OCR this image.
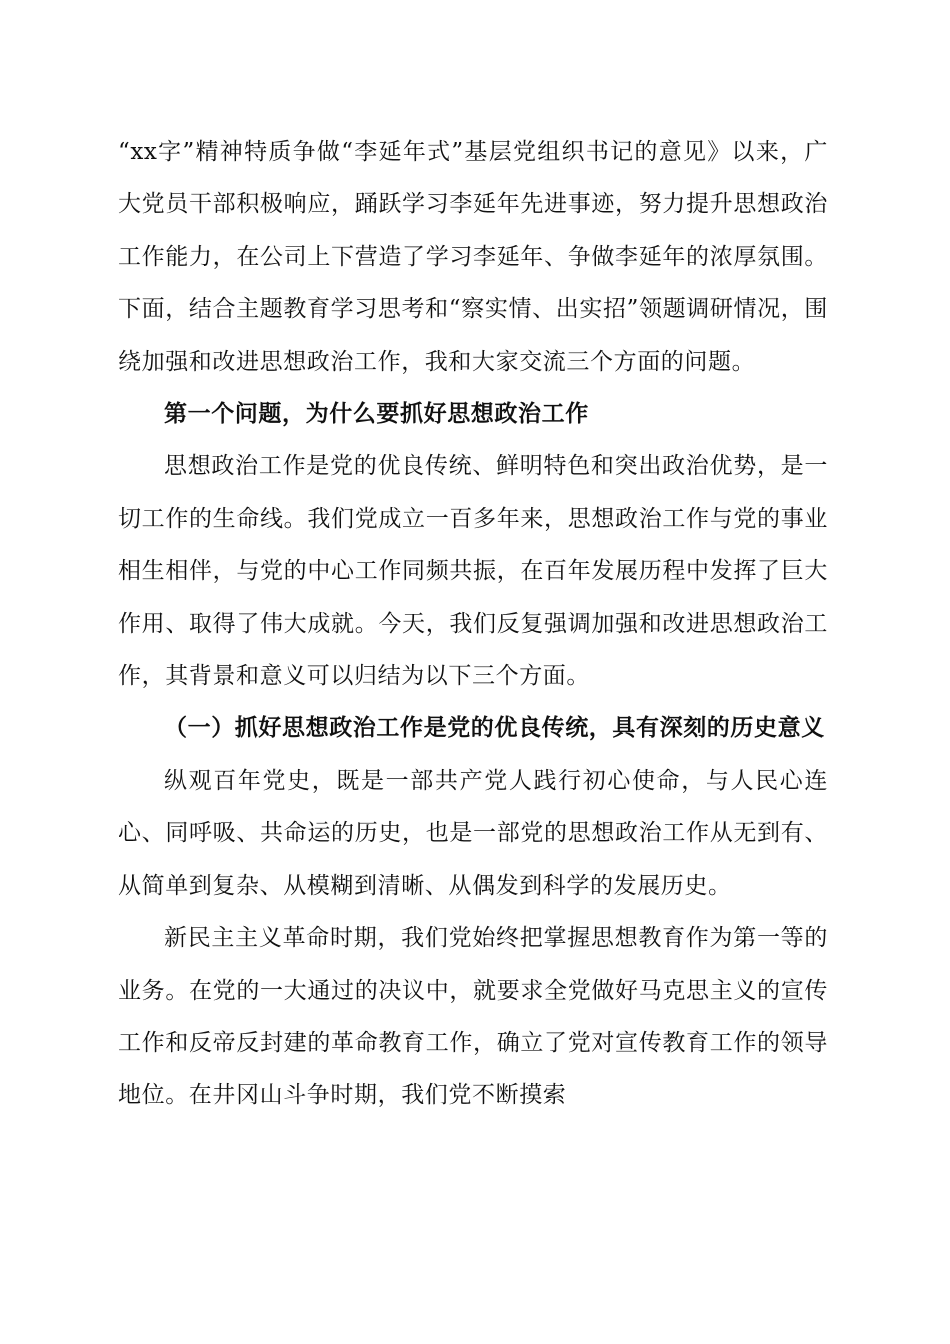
“xx字”精神特质争做“李延年式”基层党组织书记的意见》以来，广大党员干部积极响应，踊跃学习李延年先进事迹，努力提升思想政治工作能力，在公司上下营造了学习李延年、争做李延年的浓厚氛围。下面，结合主题教育学习思考和“察实情、出实招”领题调研情况，围绕加强和改进思想政治工作，我和大家交流三个方面的问题。

第一个问题，为什么要抓好思想政治工作

思想政治工作是党的优良传统、鲜明特色和突出政治优势，是一切工作的生命线。我们党成立一百多年来，思想政治工作与党的事业相生相伴，与党的中心工作同频共振，在百年发展历程中发挥了巨大作用、取得了伟大成就。今天，我们反复强调加强和改进思想政治工作，其背景和意义可以归结为以下三个方面。

（一）抓好思想政治工作是党的优良传统，具有深刻的历史意义

纵观百年党史，既是一部共产党人践行初心使命，与人民心连心、同呼吸、共命运的历史，也是一部党的思想政治工作从无到有、从简单到复杂、从模糊到清晰、从偶发到科学的发展历史。

新民主主义革命时期，我们党始终把掌握思想教育作为第一等的业务。在党的一大通过的决议中，就要求全党做好马克思主义的宣传工作和反帝反封建的革命教育工作，确立了党对宣传教育工作的领导地位。在井冈山斗争时期，我们党不断摸索
